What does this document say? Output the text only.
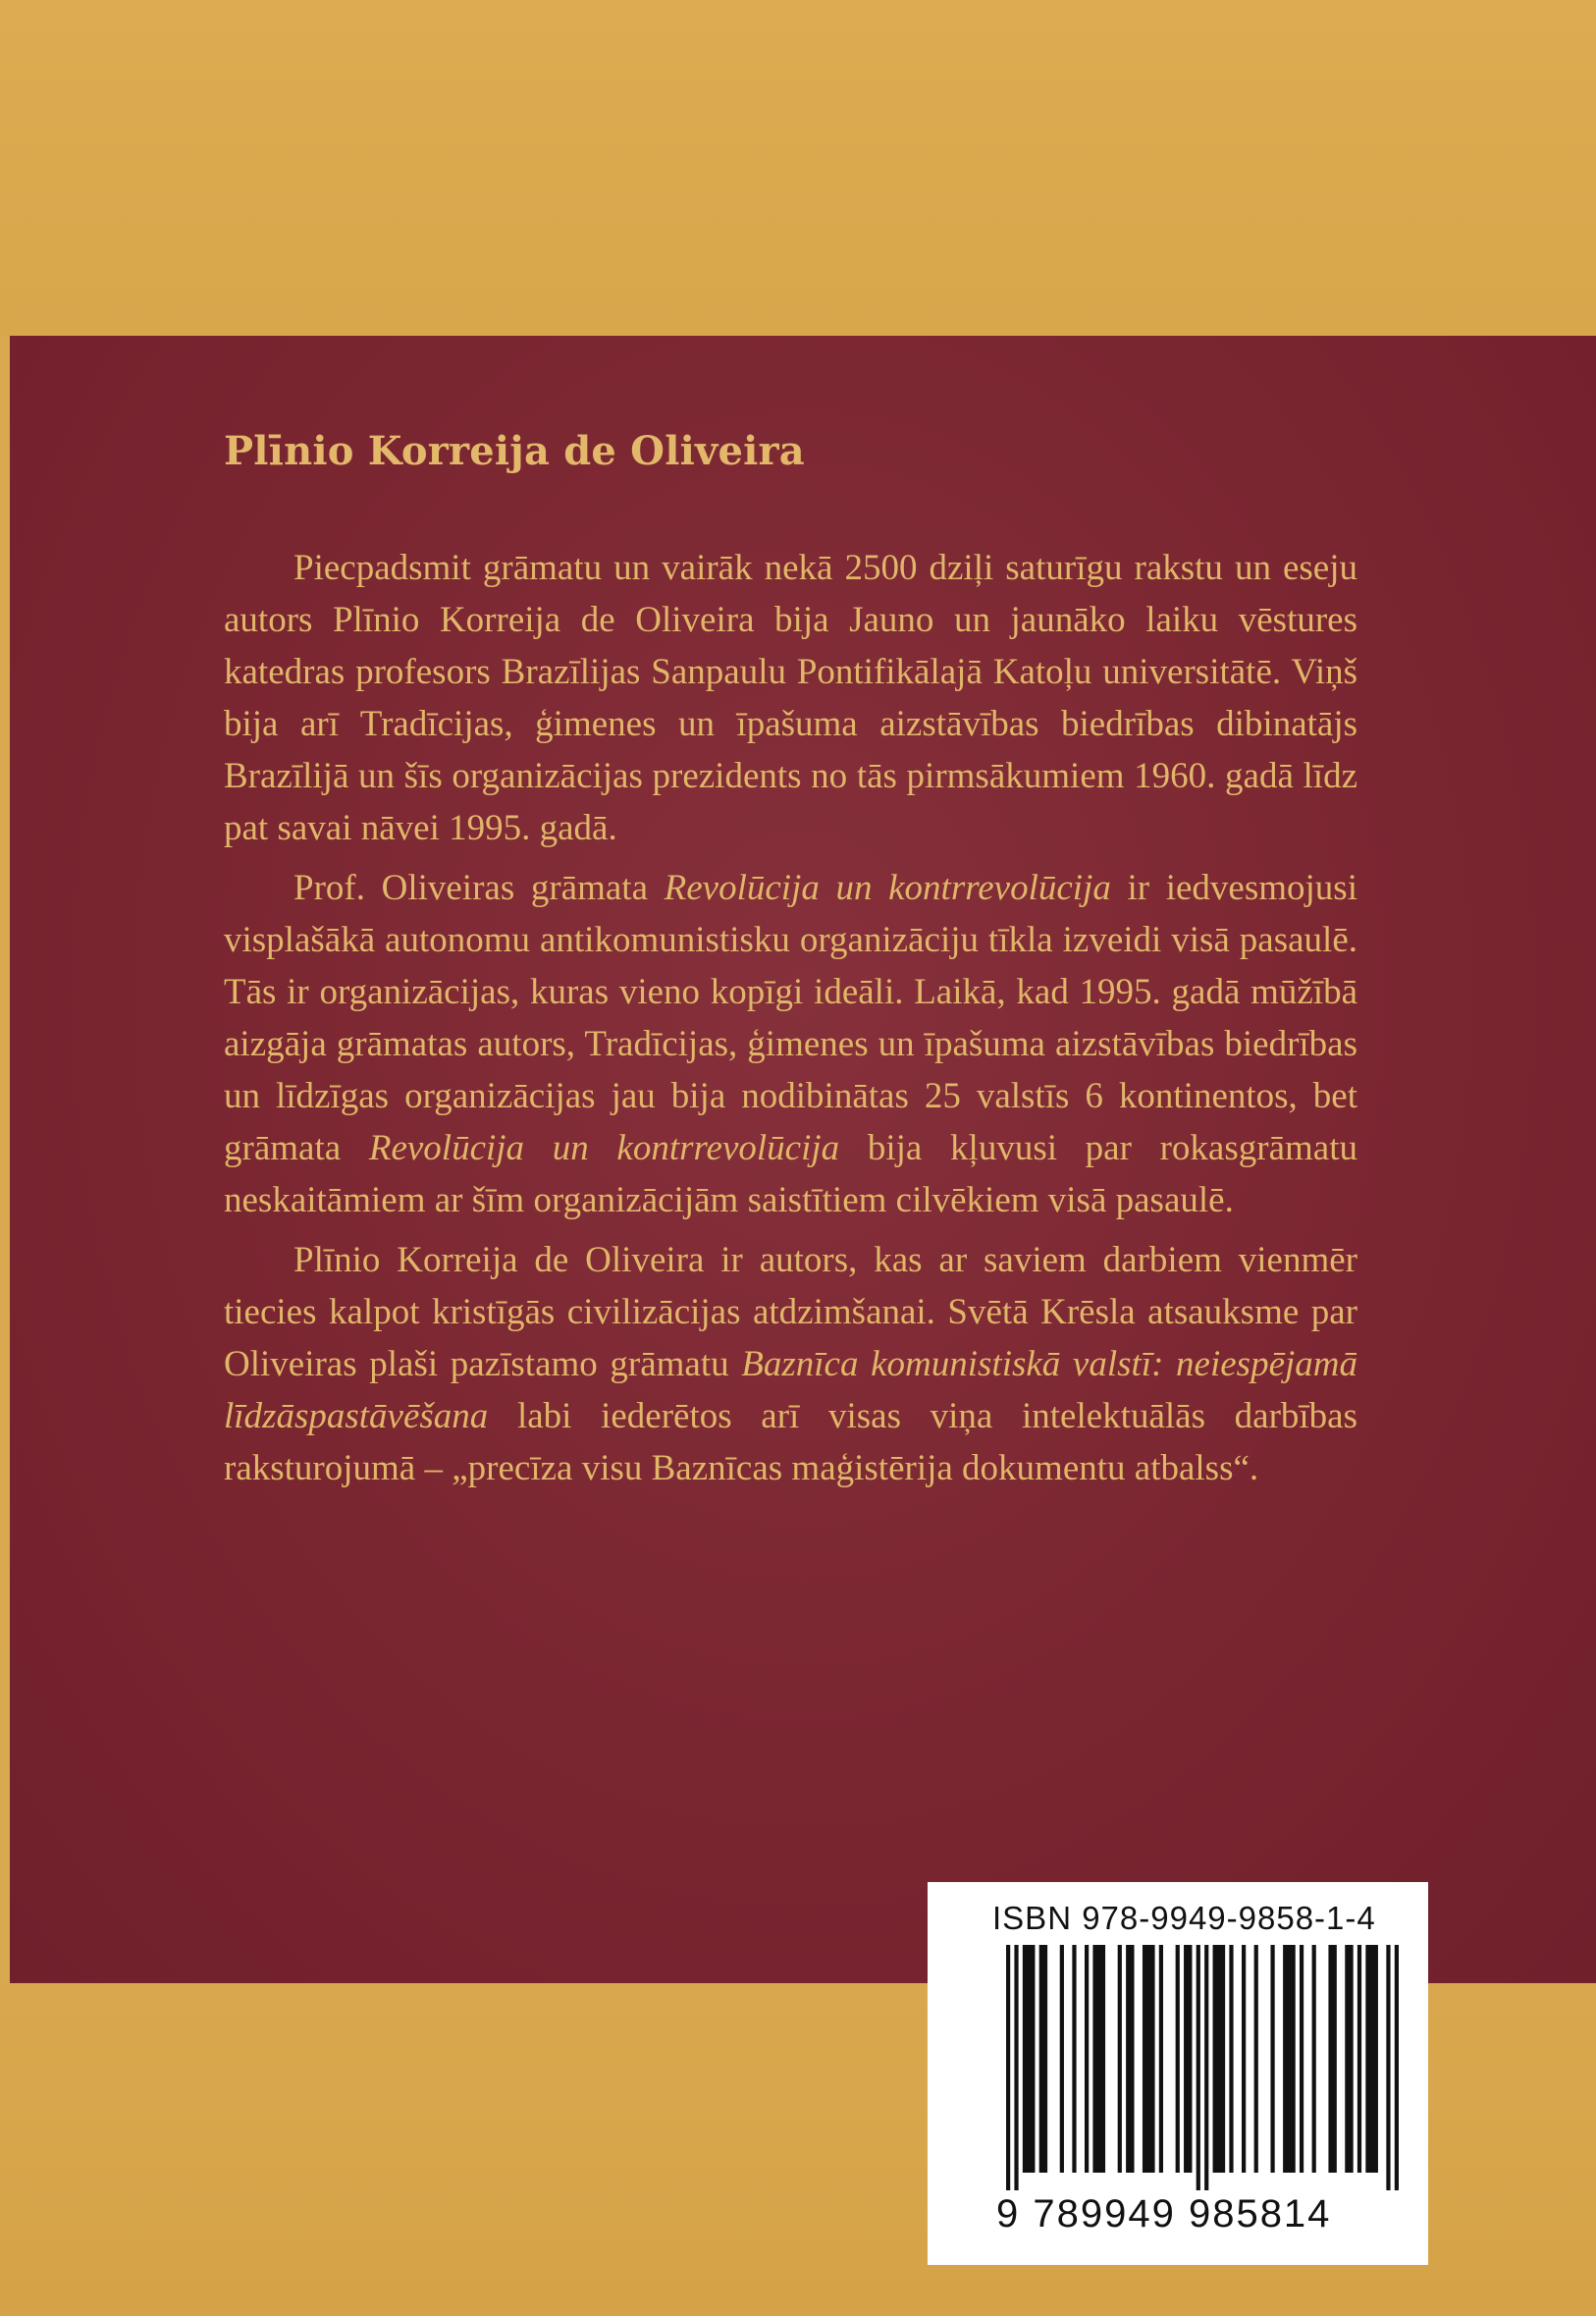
Plīnio Korreija de Oliveira

Piecpadsmit grāmatu un vairāk nekā 2500 dziļi saturīgu rakstu un eseju autors Plīnio Korreija de Oliveira bija Jauno un jaunāko laiku vēstures katedras profesors Brazīlijas Sanpaulu Pontifikālajā Katoļu universitātē. Viņš bija arī Tradīcijas, ģimenes un īpašuma aizstāvības biedrības dibinatājs Brazīlijā un šīs organizācijas prezidents no tās pirmsākumiem 1960. gadā līdz pat savai nāvei 1995. gadā.

Prof. Oliveiras grāmata Revolūcija un kontrrevolūcija ir iedvesmojusi visplašākā autonomu antikomunistisku organizāciju tīkla izveidi visā pasaulē. Tās ir organizācijas, kuras vieno kopīgi ideāli. Laikā, kad 1995. gadā mūžībā aizgāja grāmatas autors, Tradīcijas, ģimenes un īpašuma aizstāvības biedrības un līdzīgas organizācijas jau bija nodibinātas 25 valstīs 6 kontinentos, bet grāmata Revolūcija un kontrrevolūcija bija kļuvusi par rokasgrāmatu neskaitāmiem ar šīm organizācijām saistītiem cilvēkiem visā pasaulē.

Plīnio Korreija de Oliveira ir autors, kas ar saviem darbiem vienmēr tiecies kalpot kristīgās civilizācijas atdzimšanai. Svētā Krēsla atsauksme par Oliveiras plaši pazīstamo grāmatu Baznīca komunistiskā valstī: neiespējamā līdzāspastāvēšana labi iederētos arī visas viņa intelektuālās darbības raksturojumā – „precīza visu Baznīcas maģistērija dokumentu atbalss“.

ISBN 978-9949-9858-1-4
9 789949 985814
